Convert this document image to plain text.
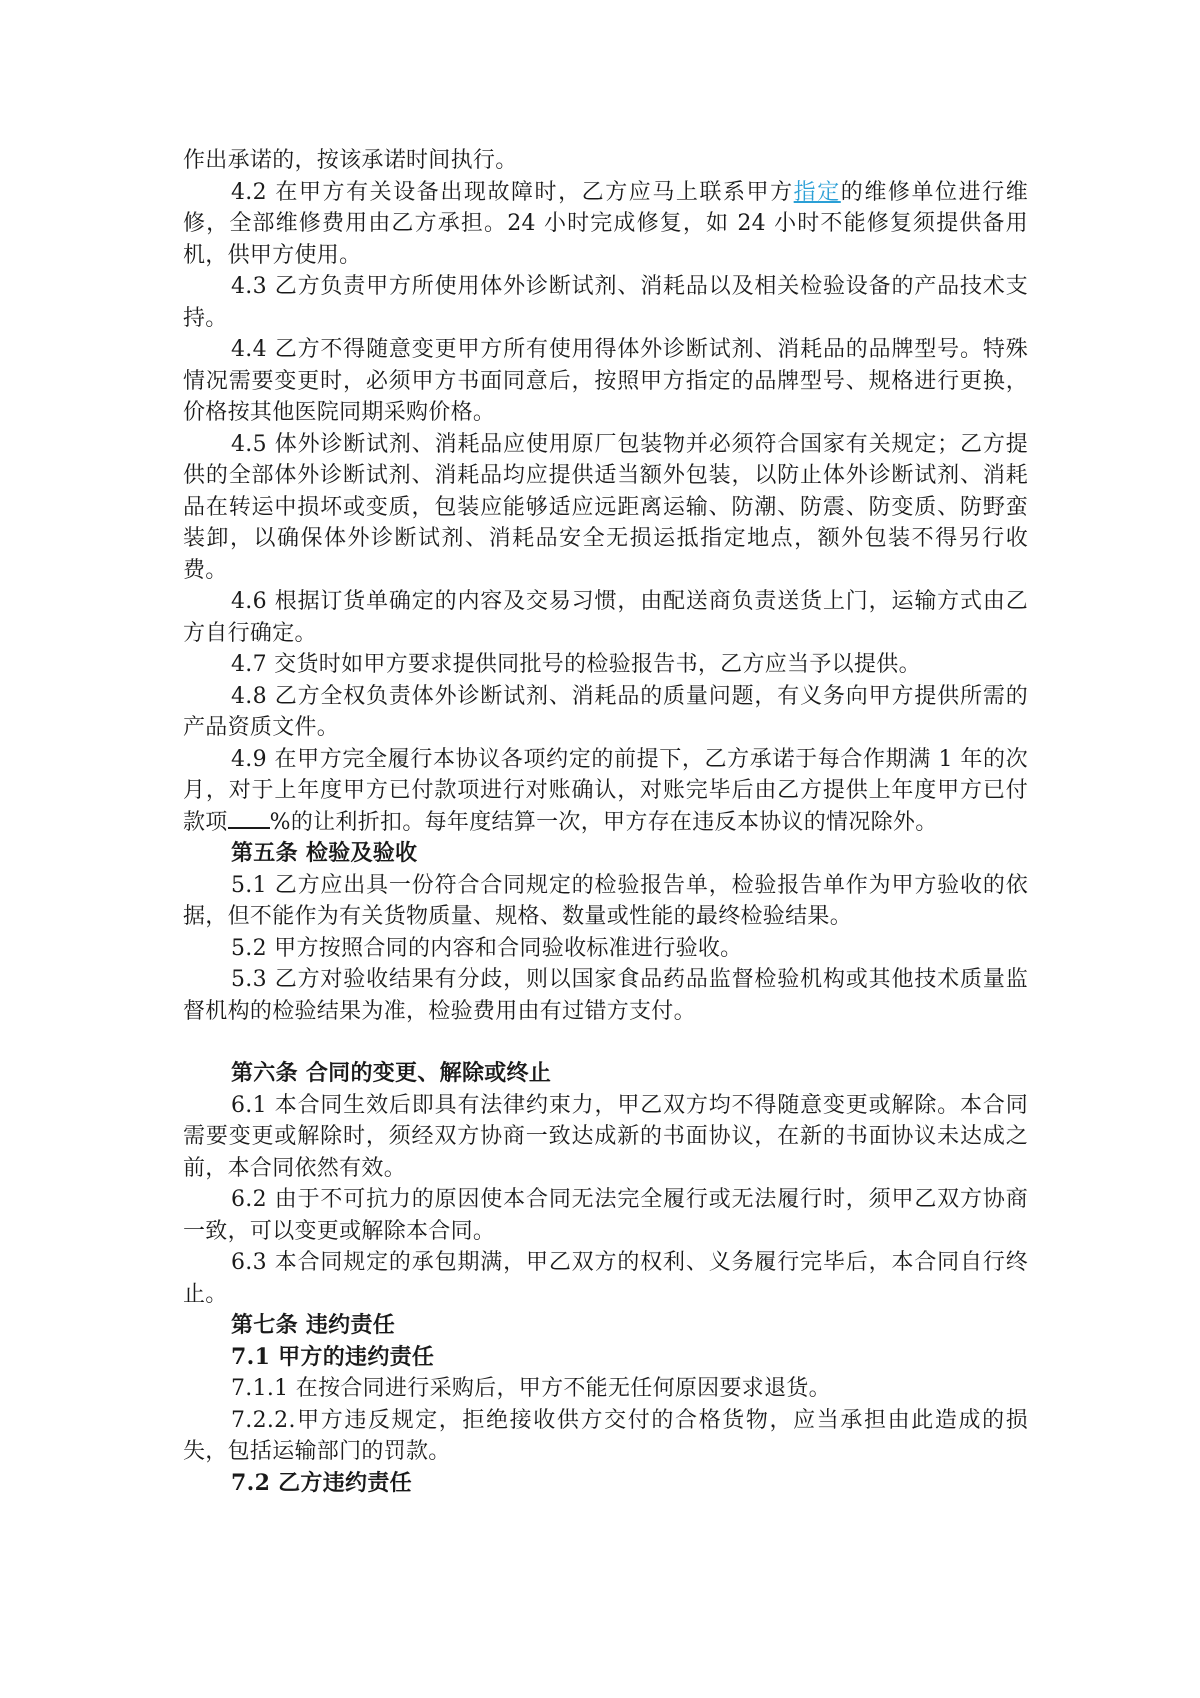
作出承诺的，按该承诺时间执行。

4.2 在甲方有关设备出现故障时，乙方应马上联系甲方指定的维修单位进行维修，全部维修费用由乙方承担。24 小时完成修复，如 24 小时不能修复须提供备用机，供甲方使用。

4.3 乙方负责甲方所使用体外诊断试剂、消耗品以及相关检验设备的产品技术支持。

4.4 乙方不得随意变更甲方所有使用得体外诊断试剂、消耗品的品牌型号。特殊情况需要变更时，必须甲方书面同意后，按照甲方指定的品牌型号、规格进行更换，价格按其他医院同期采购价格。

4.5 体外诊断试剂、消耗品应使用原厂包装物并必须符合国家有关规定；乙方提供的全部体外诊断试剂、消耗品均应提供适当额外包装，以防止体外诊断试剂、消耗品在转运中损坏或变质，包装应能够适应远距离运输、防潮、防震、防变质、防野蛮装卸，以确保体外诊断试剂、消耗品安全无损运抵指定地点，额外包装不得另行收费。

4.6 根据订货单确定的内容及交易习惯，由配送商负责送货上门，运输方式由乙方自行确定。

4.7 交货时如甲方要求提供同批号的检验报告书，乙方应当予以提供。

4.8 乙方全权负责体外诊断试剂、消耗品的质量问题，有义务向甲方提供所需的产品资质文件。

4.9 在甲方完全履行本协议各项约定的前提下，乙方承诺于每合作期满 1 年的次月，对于上年度甲方已付款项进行对账确认，对账完毕后由乙方提供上年度甲方已付款项 %的让利折扣。每年度结算一次，甲方存在违反本协议的情况除外。

第五条 检验及验收

5.1 乙方应出具一份符合合同规定的检验报告单，检验报告单作为甲方验收的依据，但不能作为有关货物质量、规格、数量或性能的最终检验结果。

5.2 甲方按照合同的内容和合同验收标准进行验收。

5.3 乙方对验收结果有分歧，则以国家食品药品监督检验机构或其他技术质量监督机构的检验结果为准，检验费用由有过错方支付。

第六条 合同的变更、解除或终止

6.1 本合同生效后即具有法律约束力，甲乙双方均不得随意变更或解除。本合同需要变更或解除时，须经双方协商一致达成新的书面协议，在新的书面协议未达成之前，本合同依然有效。

6.2 由于不可抗力的原因使本合同无法完全履行或无法履行时，须甲乙双方协商一致，可以变更或解除本合同。

6.3 本合同规定的承包期满，甲乙双方的权利、义务履行完毕后，本合同自行终止。

第七条 违约责任

7.1 甲方的违约责任

7.1.1 在按合同进行采购后，甲方不能无任何原因要求退货。

7.2.2.甲方违反规定，拒绝接收供方交付的合格货物，应当承担由此造成的损失，包括运输部门的罚款。

7.2 乙方违约责任
